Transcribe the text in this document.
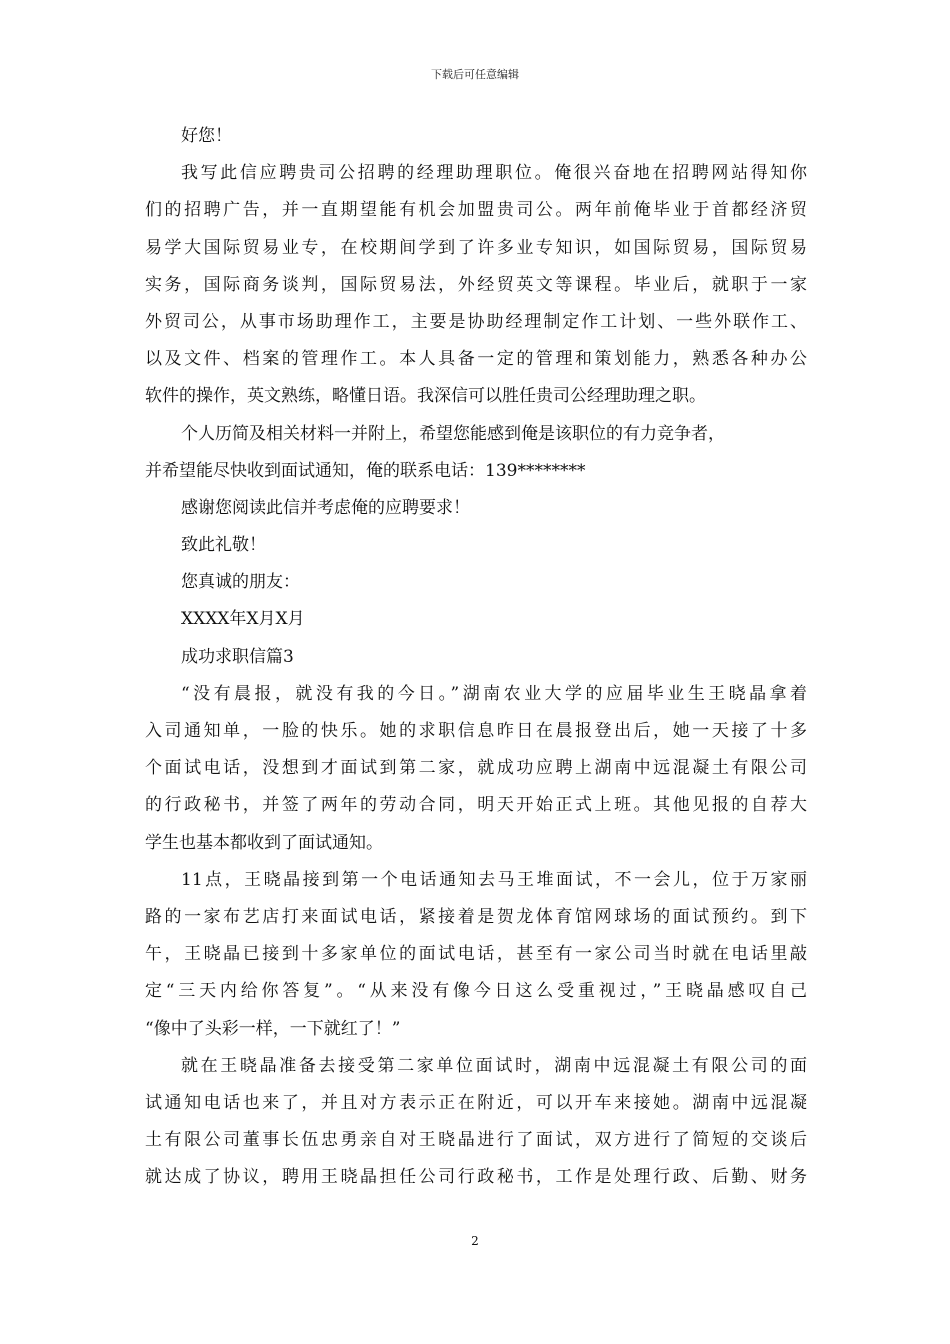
下载后可任意编辑
好您！
我写此信应聘贵司公招聘的经理助理职位。俺很兴奋地在招聘网站得知你
们的招聘广告，并一直期望能有机会加盟贵司公。两年前俺毕业于首都经济贸
易学大国际贸易业专，在校期间学到了许多业专知识，如国际贸易，国际贸易
实务，国际商务谈判，国际贸易法，外经贸英文等课程。毕业后，就职于一家
外贸司公，从事市场助理作工，主要是协助经理制定作工计划、一些外联作工、
以及文件、档案的管理作工。本人具备一定的管理和策划能力，熟悉各种办公
软件的操作，英文熟练，略懂日语。我深信可以胜任贵司公经理助理之职。
个人历简及相关材料一并附上，希望您能感到俺是该职位的有力竞争者，
并希望能尽快收到面试通知，俺的联系电话：139********
感谢您阅读此信并考虑俺的应聘要求！
致此礼敬！
您真诚的朋友：
XXXX年X月X月
成功求职信篇3
“没有晨报，就没有我的今日。”湖南农业大学的应届毕业生王晓晶拿着
入司通知单，一脸的快乐。她的求职信息昨日在晨报登出后，她一天接了十多
个面试电话，没想到才面试到第二家，就成功应聘上湖南中远混凝土有限公司
的行政秘书，并签了两年的劳动合同，明天开始正式上班。其他见报的自荐大
学生也基本都收到了面试通知。
11点，王晓晶接到第一个电话通知去马王堆面试，不一会儿，位于万家丽
路的一家布艺店打来面试电话，紧接着是贺龙体育馆网球场的面试预约。到下
午，王晓晶已接到十多家单位的面试电话，甚至有一家公司当时就在电话里敲
定“三天内给你答复”。“从来没有像今日这么受重视过，”王晓晶感叹自己
“像中了头彩一样，一下就红了！”
就在王晓晶准备去接受第二家单位面试时，湖南中远混凝土有限公司的面
试通知电话也来了，并且对方表示正在附近，可以开车来接她。湖南中远混凝
土有限公司董事长伍忠勇亲自对王晓晶进行了面试，双方进行了简短的交谈后
就达成了协议，聘用王晓晶担任公司行政秘书，工作是处理行政、后勤、财务
2
